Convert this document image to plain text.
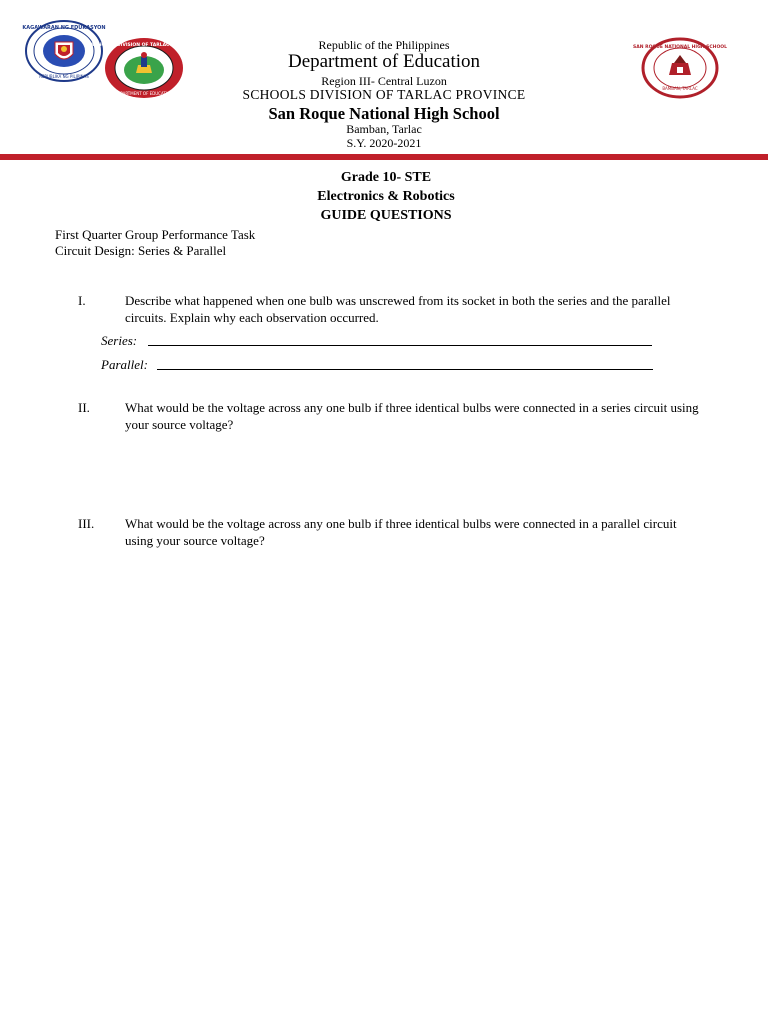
KAGAWARAN NG EDUKASYON
REPUBLIKA NG PILIPINAS
SCHOOLS DIVISION OF TARLAC PROVINCE
DEPARTMENT OF EDUCATION
Republic of the Philippines
Department of Education
Region III- Central Luzon
SCHOOLS DIVISION OF TARLAC PROVINCE
San Roque National High School
Bamban, Tarlac
S.Y. 2020-2021
SAN ROQUE NATIONAL HIGH SCHOOL
BAMBAN, TARLAC
Grade 10- STE
Electronics & Robotics
GUIDE QUESTIONS
First Quarter Group Performance Task
Circuit Design: Series & Parallel
I.	Describe what happened when one bulb was unscrewed from its socket in both the series and the parallel circuits. Explain why each observation occurred.
Series:
Parallel:
II.	What would be the voltage across any one bulb if three identical bulbs were connected in a series circuit using your source voltage?
III. What would be the voltage across any one bulb if three identical bulbs were connected in a parallel circuit using your source voltage?
